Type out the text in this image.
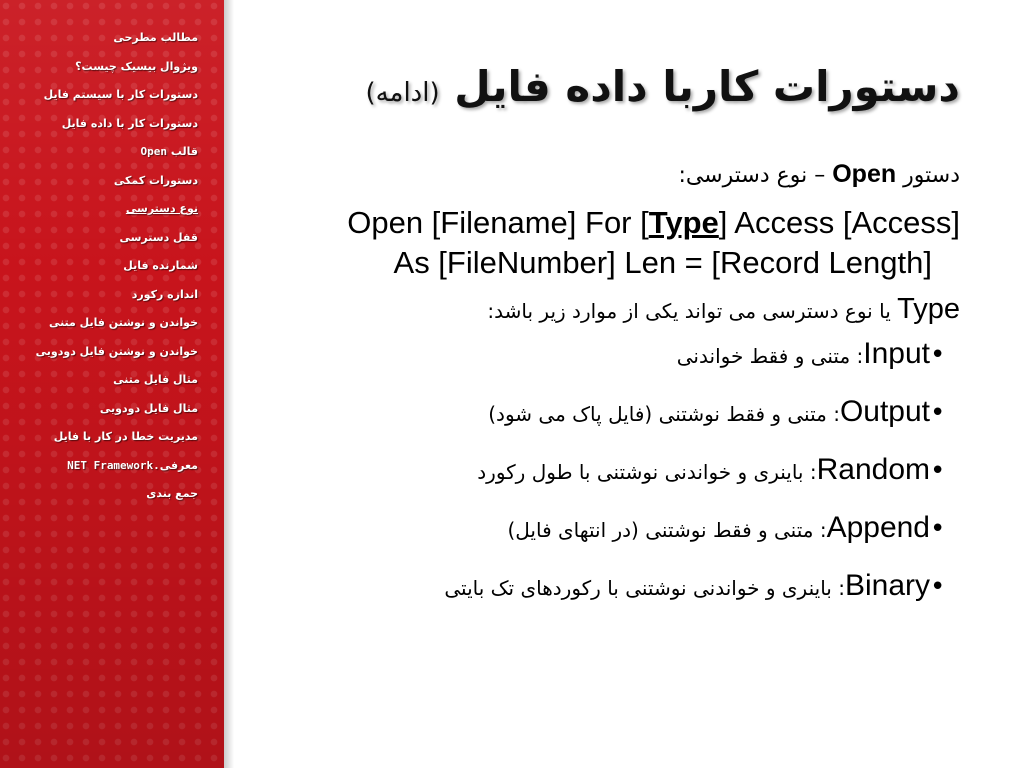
مطالب مطرحی
ویژوال بیسیک چیست؟
دستورات کار با سیستم فایل
دستورات کار با داده فایل
قالب Open
دستورات کمکی
نوع دسترسی
قفل دسترسی
شمارنده فایل
اندازه رکورد
خواندن و نوشتن فایل متنی
خواندن و نوشتن فایل دودویی
مثال فایل متنی
مثال فایل دودویی
مدیریت خطا در کار با فایل
معرفی.NET Framework
جمع بندی
دستورات کاربا داده فایل (ادامه)
دستور Open – نوع دسترسی:
Open [Filename] For [Type] Access [Access]
As [FileNumber] Len = [Record Length]
Type یا نوع دسترسی می تواند یکی از موارد زیر باشد:
•Input: متنی و فقط خواندنی
•Output: متنی و فقط نوشتنی (فایل پاک می شود)
•Random: باینری و خواندنی نوشتنی با طول رکورد
•Append: متنی و فقط نوشتنی (در انتهای فایل)
•Binary: باینری و خواندنی نوشتنی با رکوردهای تک بایتی
